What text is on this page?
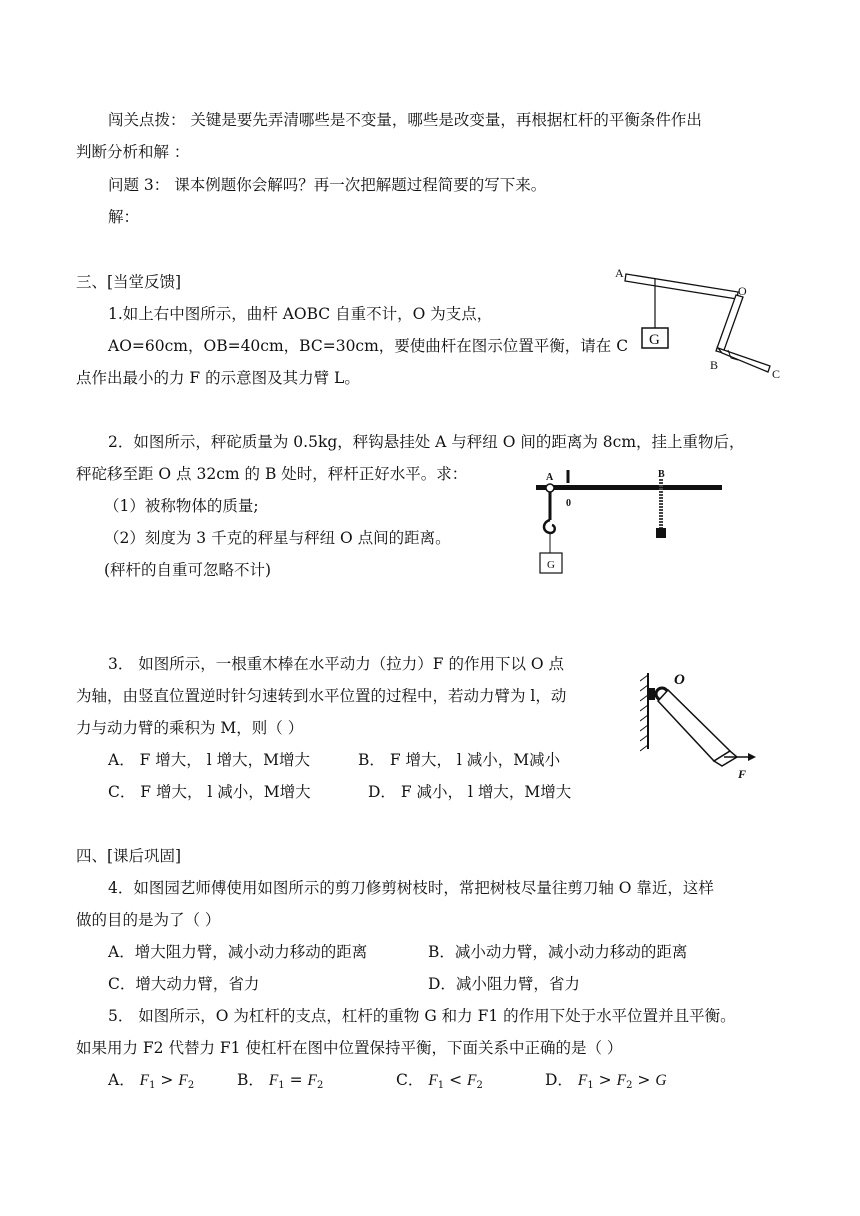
闯关点拨： 关键是要先弄清哪些是不变量，哪些是改变量，再根据杠杆的平衡条件作出
判断分析和解 ：
问题 3： 课本例题你会解吗？再一次把解题过程简要的写下来。
解：
三、[当堂反馈]
1.如上右中图所示，曲杆 AOBC 自重不计，O 为支点，
AO=60cm，OB=40cm，BC=30cm，要使曲杆在图示位置平衡，请在 C
点作出最小的力 F 的示意图及其力臂 L。
G
A
O
B
C
2．如图所示，秤砣质量为 0.5kg，秤钩悬挂处 A 与秤纽 O 间的距离为 8cm，挂上重物后，
秤砣移至距 O 点 32cm 的 B 处时，秤杆正好水平。求：
（1）被称物体的质量;
（2）刻度为 3 千克的秤星与秤纽 O 点间的距离。
(秤杆的自重可忽略不计)	G
A
0
B
3． 如图所示，一根重木棒在水平动力（拉力）F 的作用下以 O 点
为轴，由竖直位置逆时针匀速转到水平位置的过程中，若动力臂为 l，动
力与动力臂的乘积为 M，则（ ）
A． F 增大， l 增大，M增大	B． F 增大， l 减小，M减小
C． F 增大， l 减小，M增大	D． F 减小， l 增大，M增大
O
F
四、[课后巩固]
4．如图园艺师傅使用如图所示的剪刀修剪树枝时，常把树枝尽量往剪刀轴 O 靠近，这样
做的目的是为了（ ）
A．增大阻力臂，减小动力移动的距离	B．减小动力臂，减小动力移动的距离
C．增大动力臂，省力	D．减小阻力臂，省力
5． 如图所示，O 为杠杆的支点，杠杆的重物 G 和力 F1 的作用下处于水平位置并且平衡。
如果用力 F2 代替力 F1 使杠杆在图中位置保持平衡，下面关系中正确的是（ ）
A． $F_1 > F_2$	B． $F_1 = F_2$	C． $F_1 < F_2$	D． $F_1 > F_2 > G$
